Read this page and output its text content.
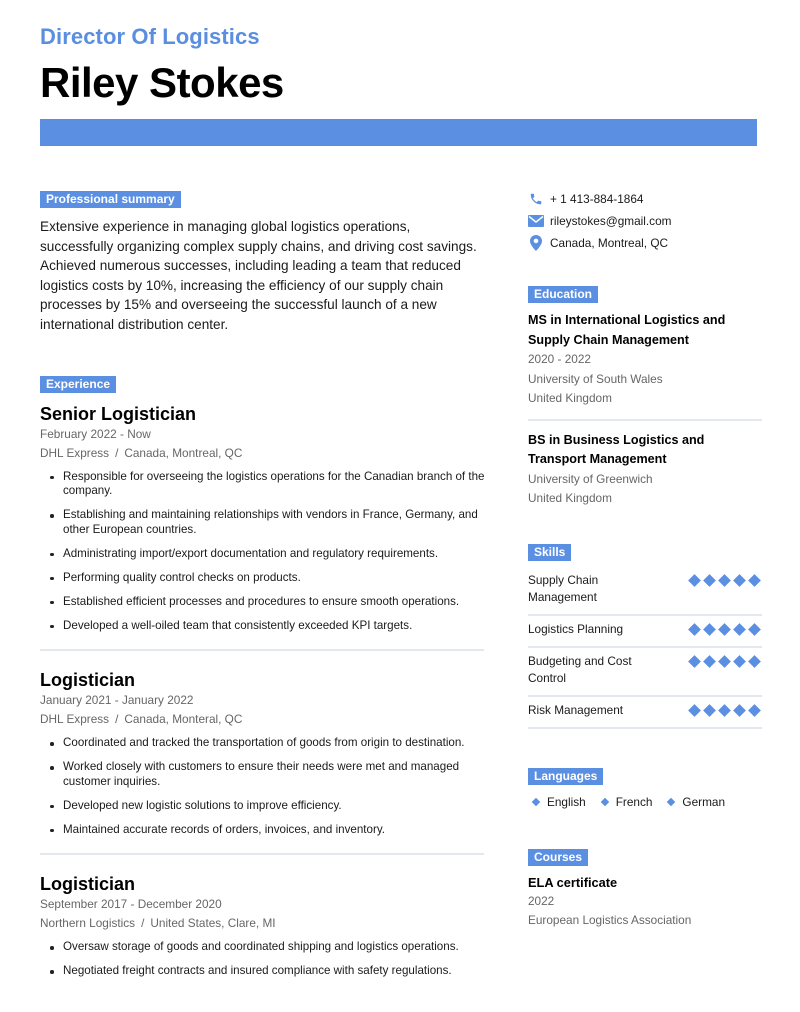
Director Of Logistics
Riley Stokes
Professional summary

Extensive experience in managing global logistics operations, successfully organizing complex supply chains, and driving cost savings. Achieved numerous successes, including leading a team that reduced logistics costs by 10%, increasing the efficiency of our supply chain processes by 15% and overseeing the successful launch of a new international distribution center.

Experience
Senior Logistician
February 2022 - Now
DHL Express / Canada, Montreal, QC
Responsible for overseeing the logistics operations for the Canadian branch of the company.
Establishing and maintaining relationships with vendors in France, Germany, and other European countries.
Administrating import/export documentation and regulatory requirements.
Performing quality control checks on products.
Established efficient processes and procedures to ensure smooth operations.
Developed a well-oiled team that consistently exceeded KPI targets.
Logistician
January 2021 - January 2022
DHL Express / Canada, Monteral, QC
Coordinated and tracked the transportation of goods from origin to destination.
Worked closely with customers to ensure their needs were met and managed customer inquiries.
Developed new logistic solutions to improve efficiency.
Maintained accurate records of orders, invoices, and inventory.
Logistician
September 2017 - December 2020
Northern Logistics / United States, Clare, MI
Oversaw storage of goods and coordinated shipping and logistics operations.
Negotiated freight contracts and insured compliance with safety regulations.
+ 1 413-884-1864
rileystokes@gmail.com
Canada, Montreal, QC
Education
MS in International Logistics and Supply Chain Management
2020 - 2022
University of South Wales
United Kingdom
BS in Business Logistics and Transport Management
University of Greenwich
United Kingdom
Skills
Supply Chain Management
Logistics Planning
Budgeting and Cost Control
Risk Management
Languages
English	French	German
Courses
ELA certificate
2022
European Logistics Association
